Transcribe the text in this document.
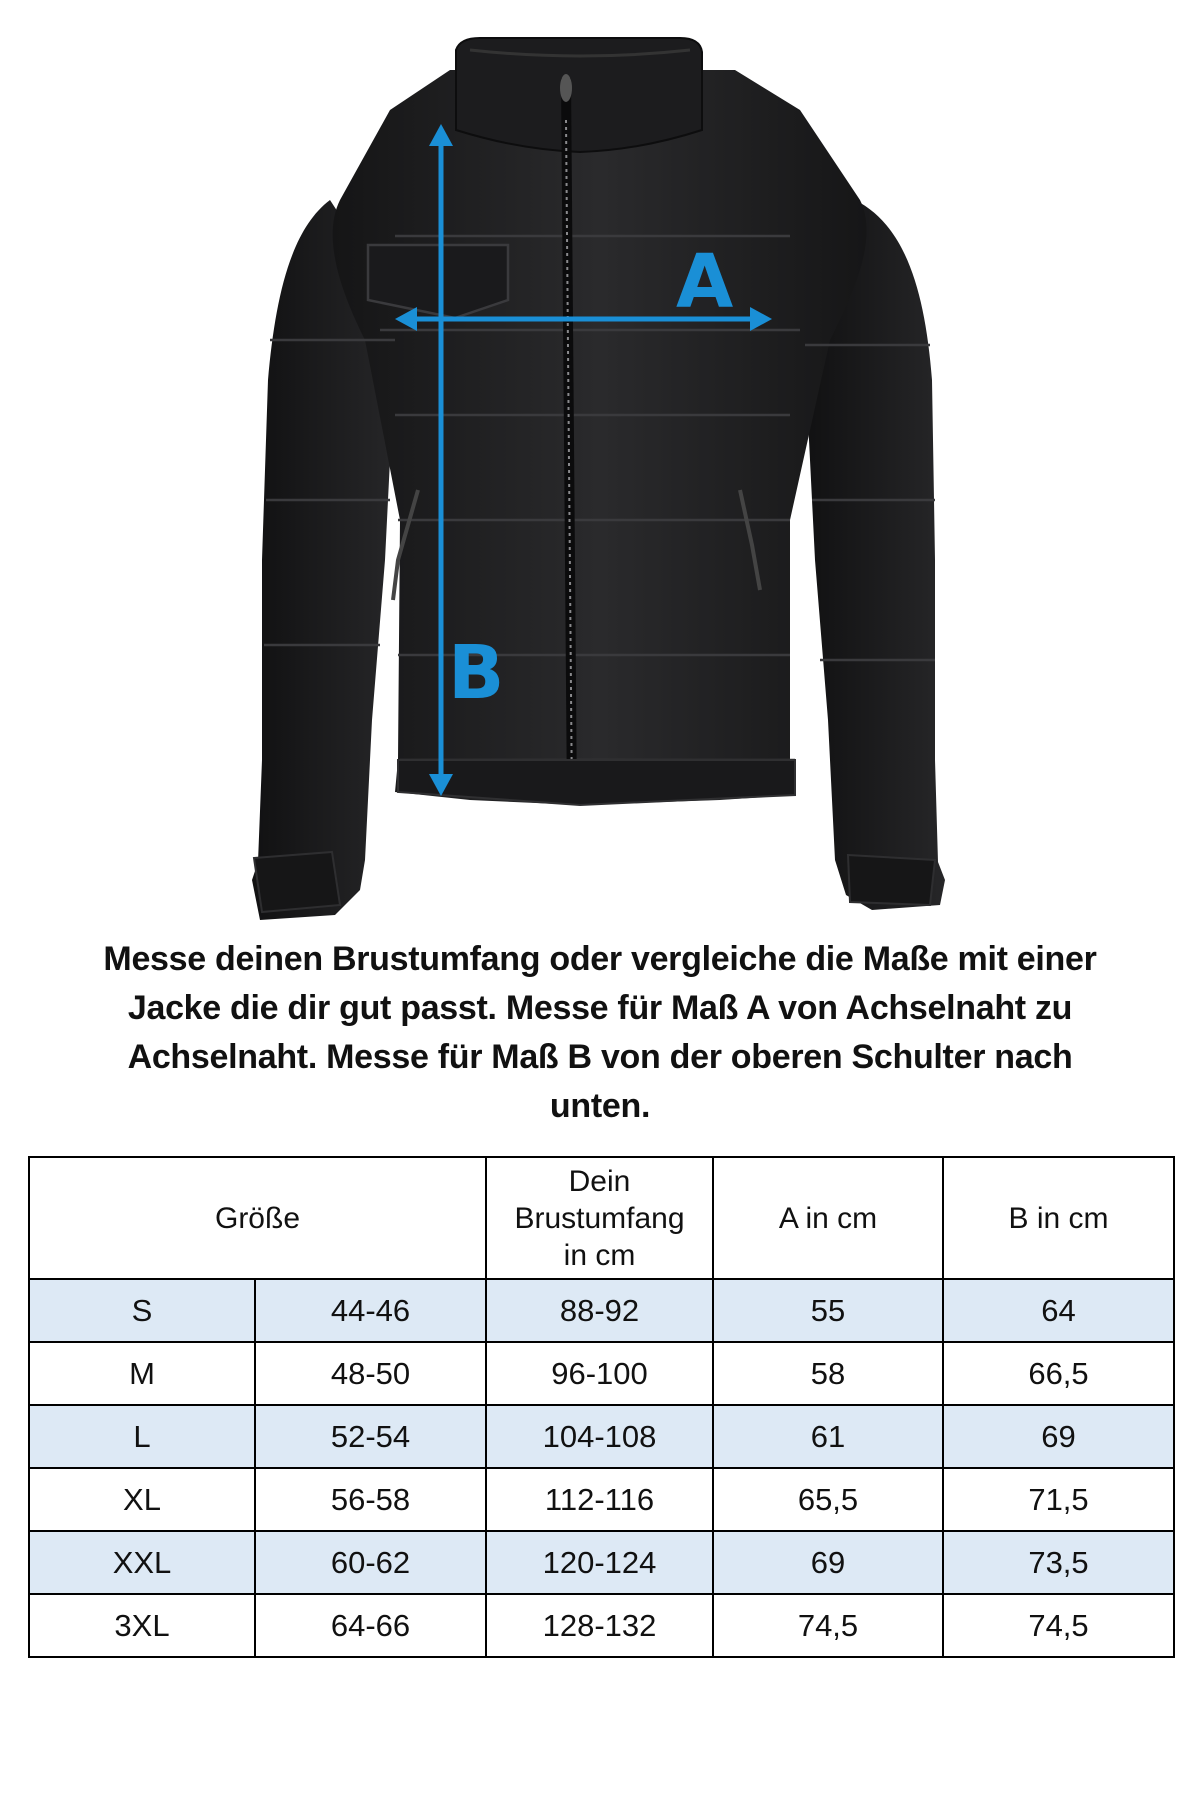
A
B
Messe deinen Brustumfang oder vergleiche die Maße mit einer
Jacke die dir gut passt. Messe für Maß A von Achselnaht zu
Achselnaht. Messe für Maß B von der oberen Schulter nach
unten.
Größe		Dein
Brustumfang
in cm	A in cm	B in cm
S	44-46	88-92	55	64
M	48-50	96-100	58	66,5
L	52-54	104-108	61	69
XL	56-58	112-116	65,5	71,5
XXL	60-62	120-124	69	73,5
3XL	64-66	128-132	74,5	74,5
